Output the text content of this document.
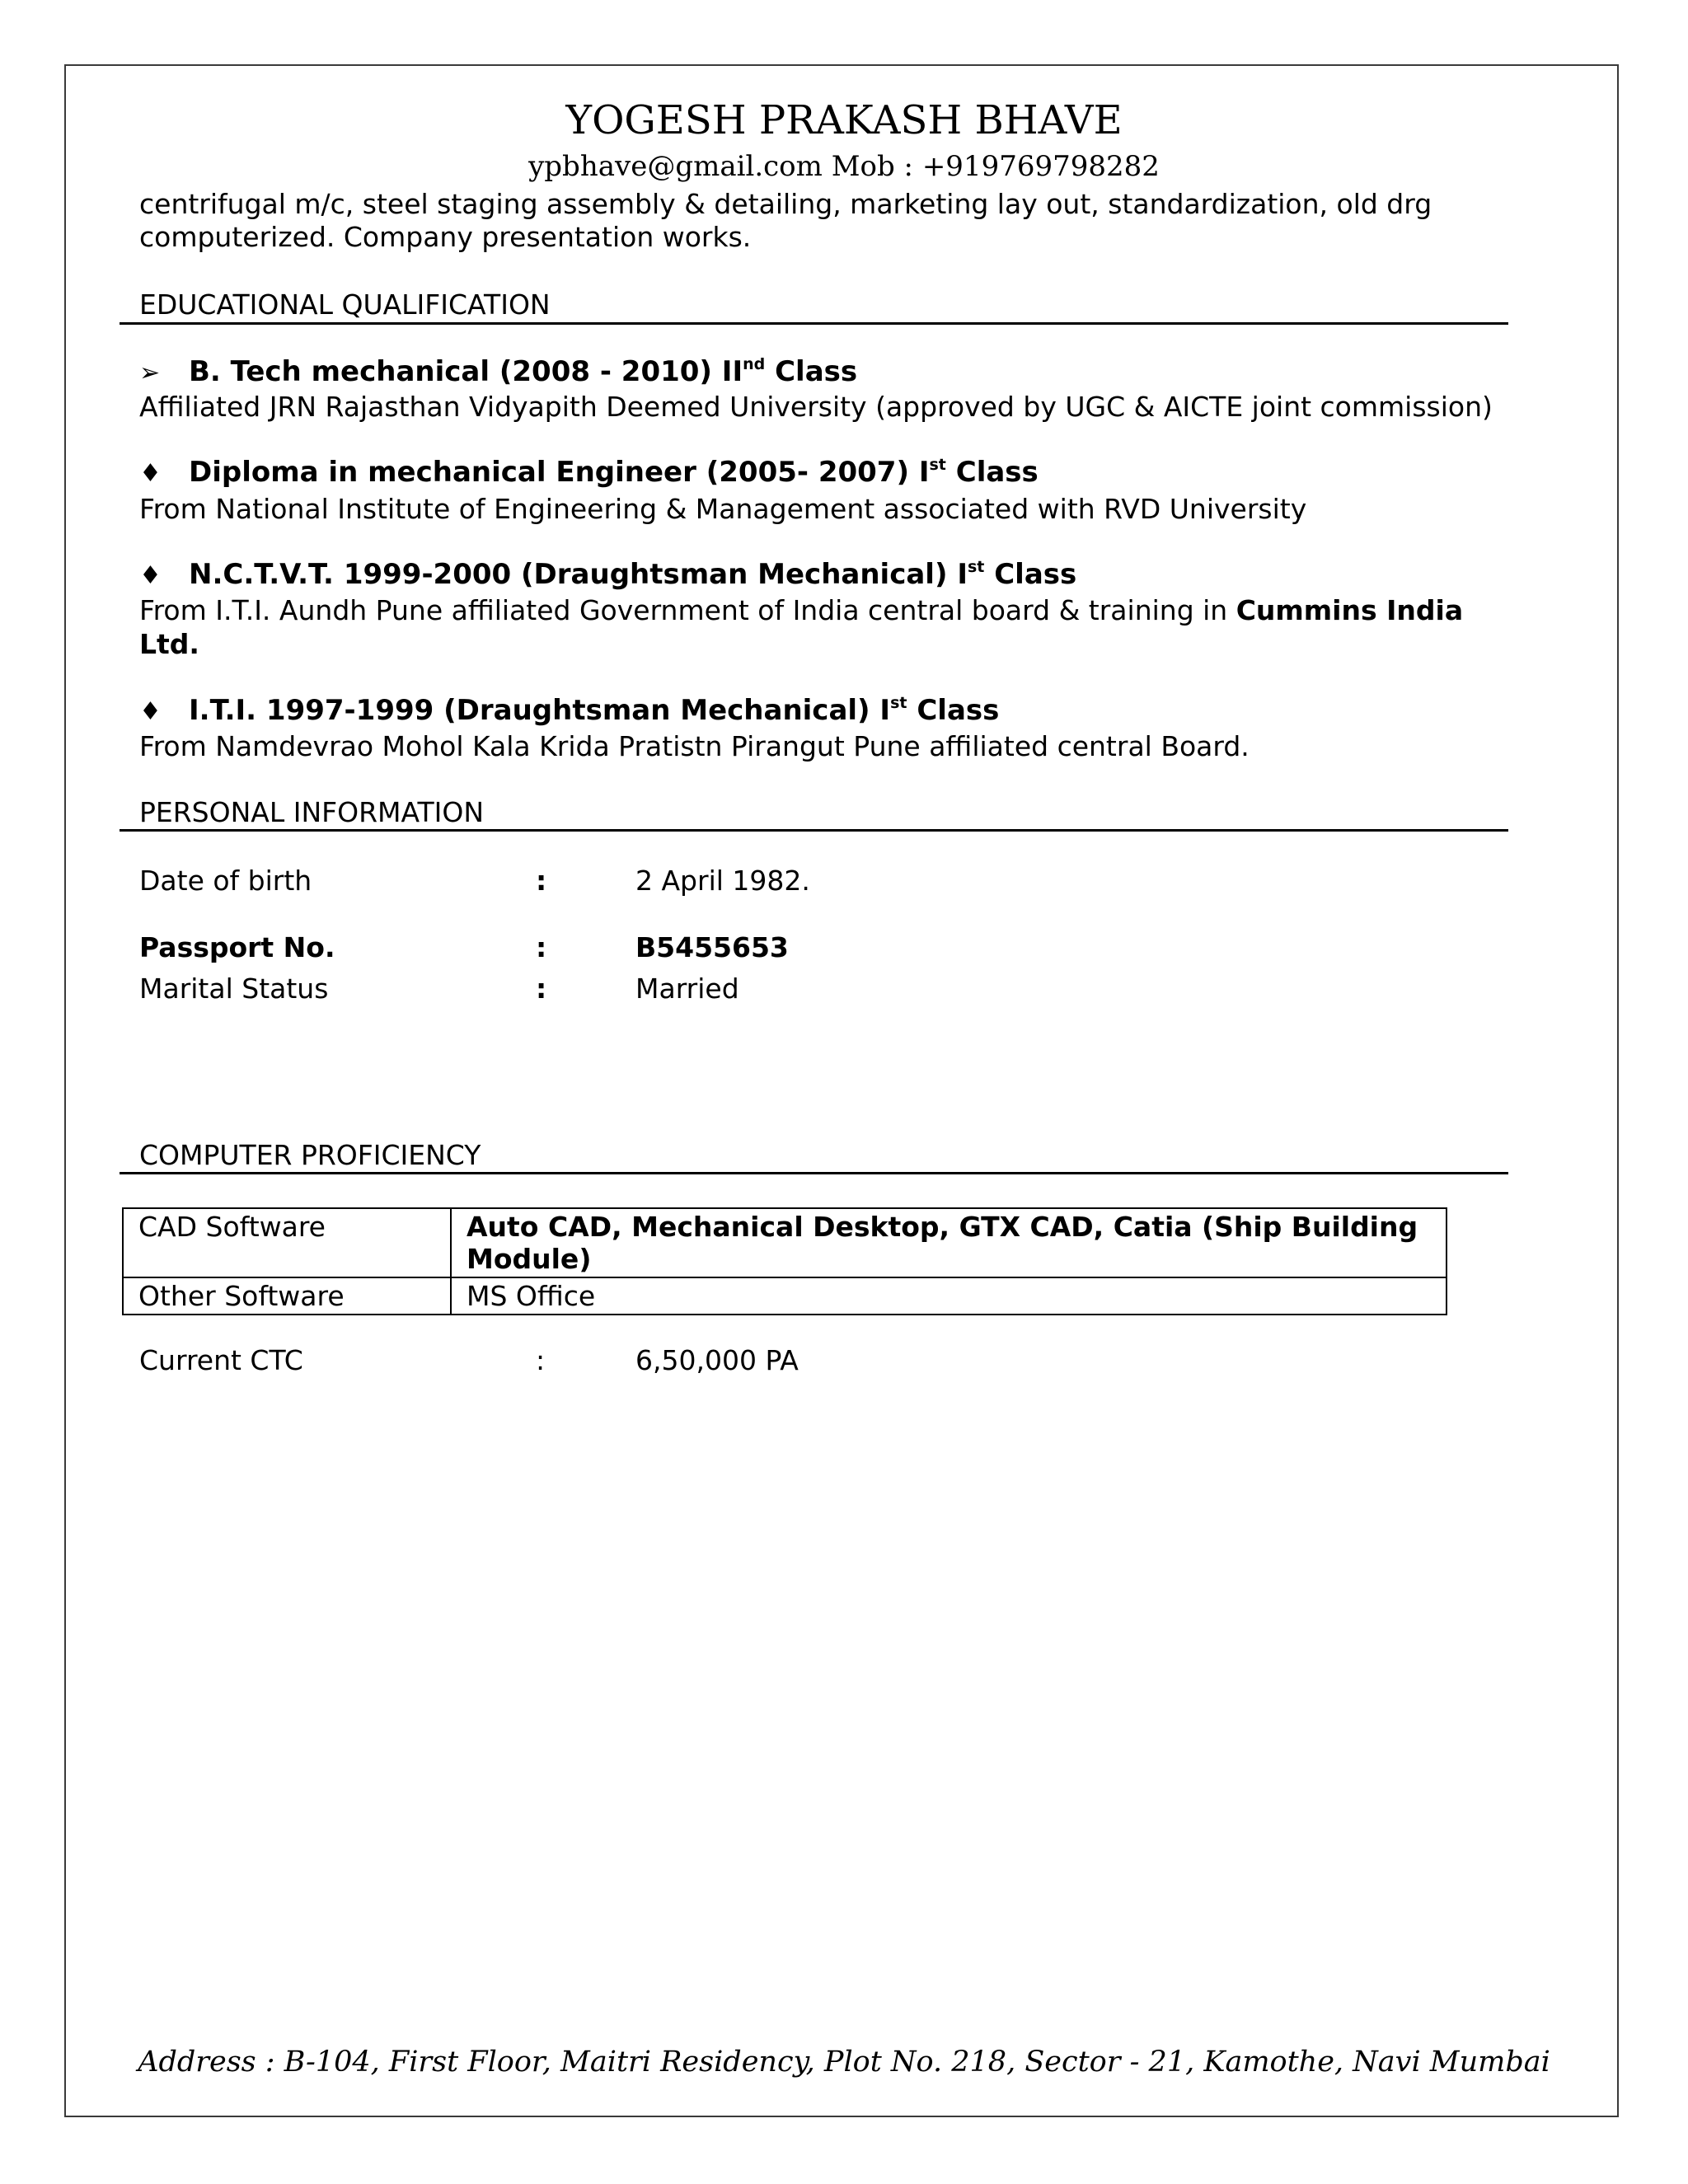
YOGESH PRAKASH BHAVE
ypbhave@gmail.com Mob : +919769798282
centrifugal m/c, steel staging assembly & detailing, marketing lay out, standardization, old drg
computerized. Company presentation works.
EDUCATIONAL QUALIFICATION
➢ B. Tech mechanical (2008 - 2010) IInd Class
Affiliated JRN Rajasthan Vidyapith Deemed University (approved by UGC & AICTE joint commission)
♦ Diploma in mechanical Engineer (2005- 2007) Ist Class
From National Institute of Engineering & Management associated with RVD University
♦ N.C.T.V.T. 1999-2000 (Draughtsman Mechanical) Ist Class
From I.T.I. Aundh Pune affiliated Government of India central board & training in Cummins India
Ltd.
♦ I.T.I. 1997-1999 (Draughtsman Mechanical) Ist Class
From Namdevrao Mohol Kala Krida Pratistn Pirangut Pune affiliated central Board.
PERSONAL INFORMATION
Date of birth	:	2 April 1982.
Passport No.	:	B5455653
Marital Status	:	Married
COMPUTER PROFICIENCY
CAD Software	Auto CAD, Mechanical Desktop, GTX CAD, Catia (Ship Building Module)
Other Software	MS Office
Current CTC	:	6,50,000 PA
Address : B-104, First Floor, Maitri Residency, Plot No. 218, Sector - 21, Kamothe, Navi Mumbai
